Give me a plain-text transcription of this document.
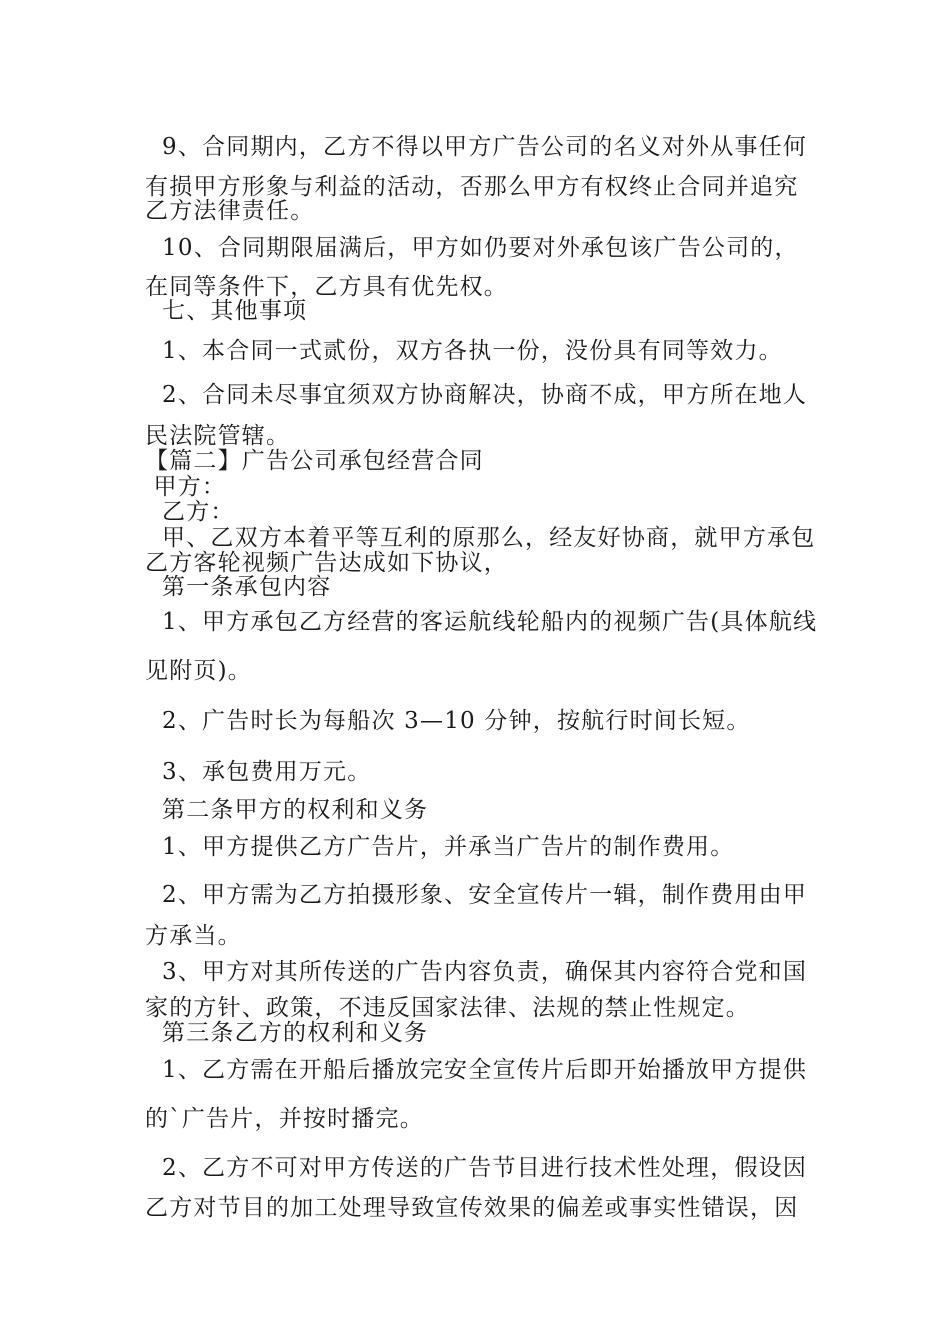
9、合同期内，乙方不得以甲方广告公司的名义对外从事任何
有损甲方形象与利益的活动，否那么甲方有权终止合同并追究
乙方法律责任。
10、合同期限届满后，甲方如仍要对外承包该广告公司的，
在同等条件下，乙方具有优先权。
七、其他事项
1、本合同一式贰份，双方各执一份，没份具有同等效力。
2、合同未尽事宜须双方协商解决，协商不成，甲方所在地人
民法院管辖。
【篇二】广告公司承包经营合同
甲方：
乙方：
甲、乙双方本着平等互利的原那么，经友好协商，就甲方承包
乙方客轮视频广告达成如下协议，
第一条承包内容
1、甲方承包乙方经营的客运航线轮船内的视频广告(具体航线
见附页)。
2、广告时长为每船次 3—10 分钟，按航行时间长短。
3、承包费用万元。
第二条甲方的权利和义务
1、甲方提供乙方广告片，并承当广告片的制作费用。
2、甲方需为乙方拍摄形象、安全宣传片一辑，制作费用由甲
方承当。
3、甲方对其所传送的广告内容负责，确保其内容符合党和国
家的方针、政策，不违反国家法律、法规的禁止性规定。
第三条乙方的权利和义务
1、乙方需在开船后播放完安全宣传片后即开始播放甲方提供
的`广告片，并按时播完。
2、乙方不可对甲方传送的广告节目进行技术性处理，假设因
乙方对节目的加工处理导致宣传效果的偏差或事实性错误，因
